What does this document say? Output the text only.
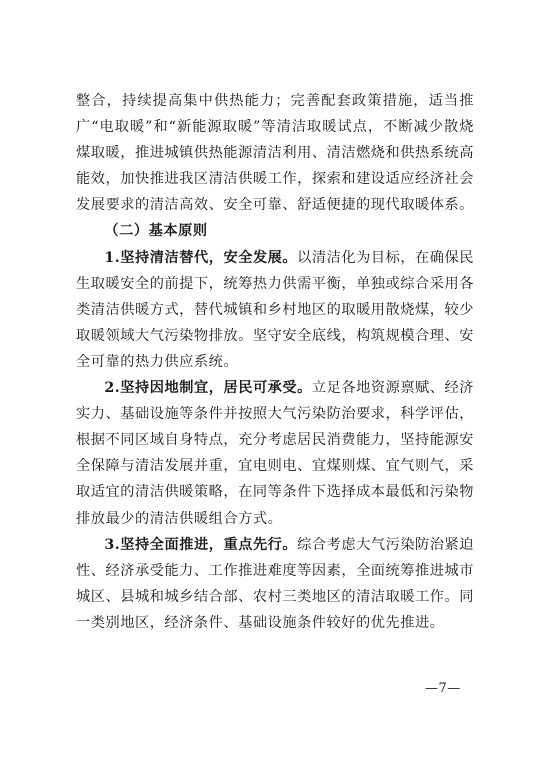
整合，持续提高集中供热能力；完善配套政策措施，适当推广“电取暖”和“新能源取暖”等清洁取暖试点，不断减少散烧煤取暖，推进城镇供热能源清洁利用、清洁燃烧和供热系统高能效，加快推进我区清洁供暖工作，探索和建设适应经济社会发展要求的清洁高效、安全可靠、舒适便捷的现代取暖体系。

（二）基本原则

1.坚持清洁替代，安全发展。以清洁化为目标，在确保民生取暖安全的前提下，统筹热力供需平衡，单独或综合采用各类清洁供暖方式，替代城镇和乡村地区的取暖用散烧煤，较少取暖领域大气污染物排放。坚守安全底线，构筑规模合理、安全可靠的热力供应系统。

2.坚持因地制宜，居民可承受。立足各地资源禀赋、经济实力、基础设施等条件并按照大气污染防治要求，科学评估，根据不同区域自身特点，充分考虑居民消费能力，坚持能源安全保障与清洁发展并重，宜电则电、宜煤则煤、宜气则气，采取适宜的清洁供暖策略，在同等条件下选择成本最低和污染物排放最少的清洁供暖组合方式。

3.坚持全面推进，重点先行。综合考虑大气污染防治紧迫性、经济承受能力、工作推进难度等因素，全面统筹推进城市城区、县城和城乡结合部、农村三类地区的清洁取暖工作。同一类别地区，经济条件、基础设施条件较好的优先推进。

—7—
